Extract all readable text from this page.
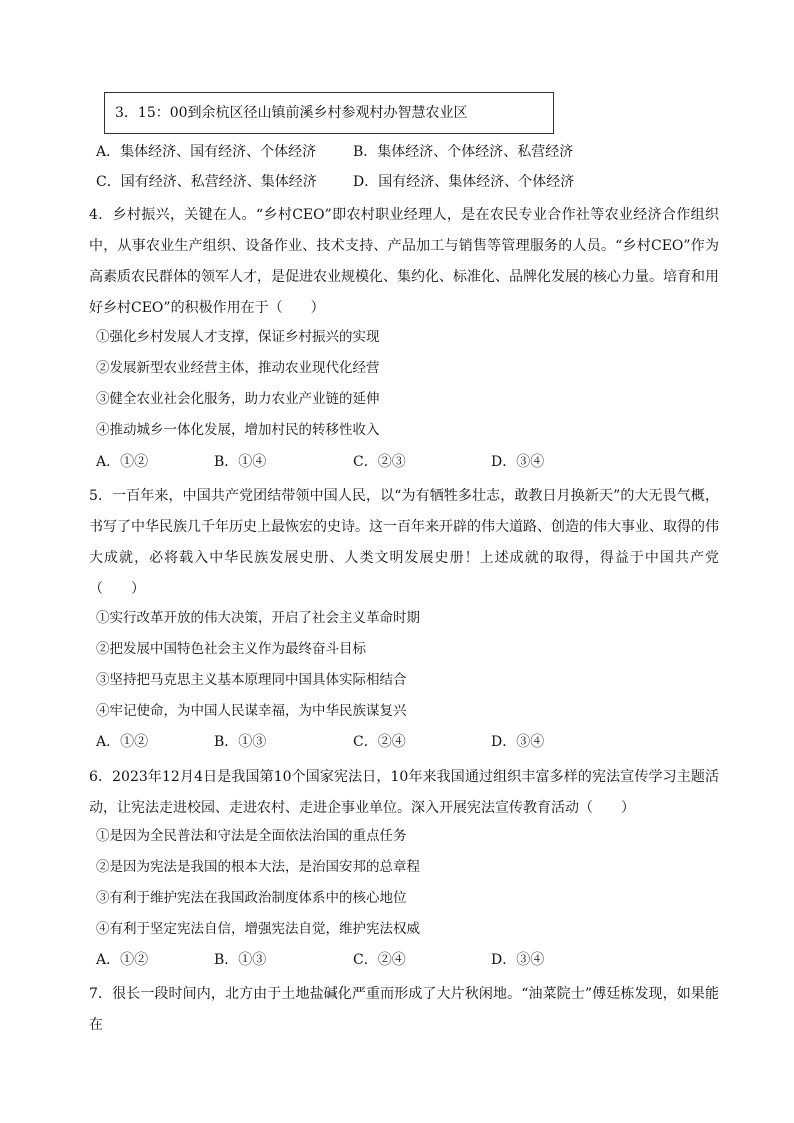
3．15：00到余杭区径山镇前溪乡村参观村办智慧农业区
A．集体经济、国有经济、个体经济	B．集体经济、个体经济、私营经济
C．国有经济、私营经济、集体经济	D．国有经济、集体经济、个体经济
4．乡村振兴，关键在人。“乡村CEO”即农村职业经理人，是在农民专业合作社等农业经济合作组织中，从事农业生产组织、设备作业、技术支持、产品加工与销售等管理服务的人员。“乡村CEO”作为高素质农民群体的领军人才，是促进农业规模化、集约化、标准化、品牌化发展的核心力量。培育和用好乡村CEO”的积极作用在于（　　）
①强化乡村发展人才支撑，保证乡村振兴的实现
②发展新型农业经营主体，推动农业现代化经营
③健全农业社会化服务，助力农业产业链的延伸
④推动城乡一体化发展，增加村民的转移性收入
A．①②	B．①④	C．②③	D．③④
5．一百年来，中国共产党团结带领中国人民，以“为有牺牲多壮志，敢教日月换新天”的大无畏气概，书写了中华民族几千年历史上最恢宏的史诗。这一百年来开辟的伟大道路、创造的伟大事业、取得的伟大成就，必将载入中华民族发展史册、人类文明发展史册！上述成就的取得，得益于中国共产党（　　）
①实行改革开放的伟大决策，开启了社会主义革命时期
②把发展中国特色社会主义作为最终奋斗目标
③坚持把马克思主义基本原理同中国具体实际相结合
④牢记使命，为中国人民谋幸福，为中华民族谋复兴
A．①②	B．①③	C．②④	D．③④
6．2023年12月4日是我国第10个国家宪法日，10年来我国通过组织丰富多样的宪法宣传学习主题活动，让宪法走进校园、走进农村、走进企事业单位。深入开展宪法宣传教育活动（　　）
①是因为全民普法和守法是全面依法治国的重点任务
②是因为宪法是我国的根本大法，是治国安邦的总章程
③有利于维护宪法在我国政治制度体系中的核心地位
④有利于坚定宪法自信，增强宪法自觉，维护宪法权威
A．①②	B．①③	C．②④	D．③④
7．很长一段时间内，北方由于土地盐碱化严重而形成了大片秋闲地。“油菜院士”傅廷栋发现，如果能在
